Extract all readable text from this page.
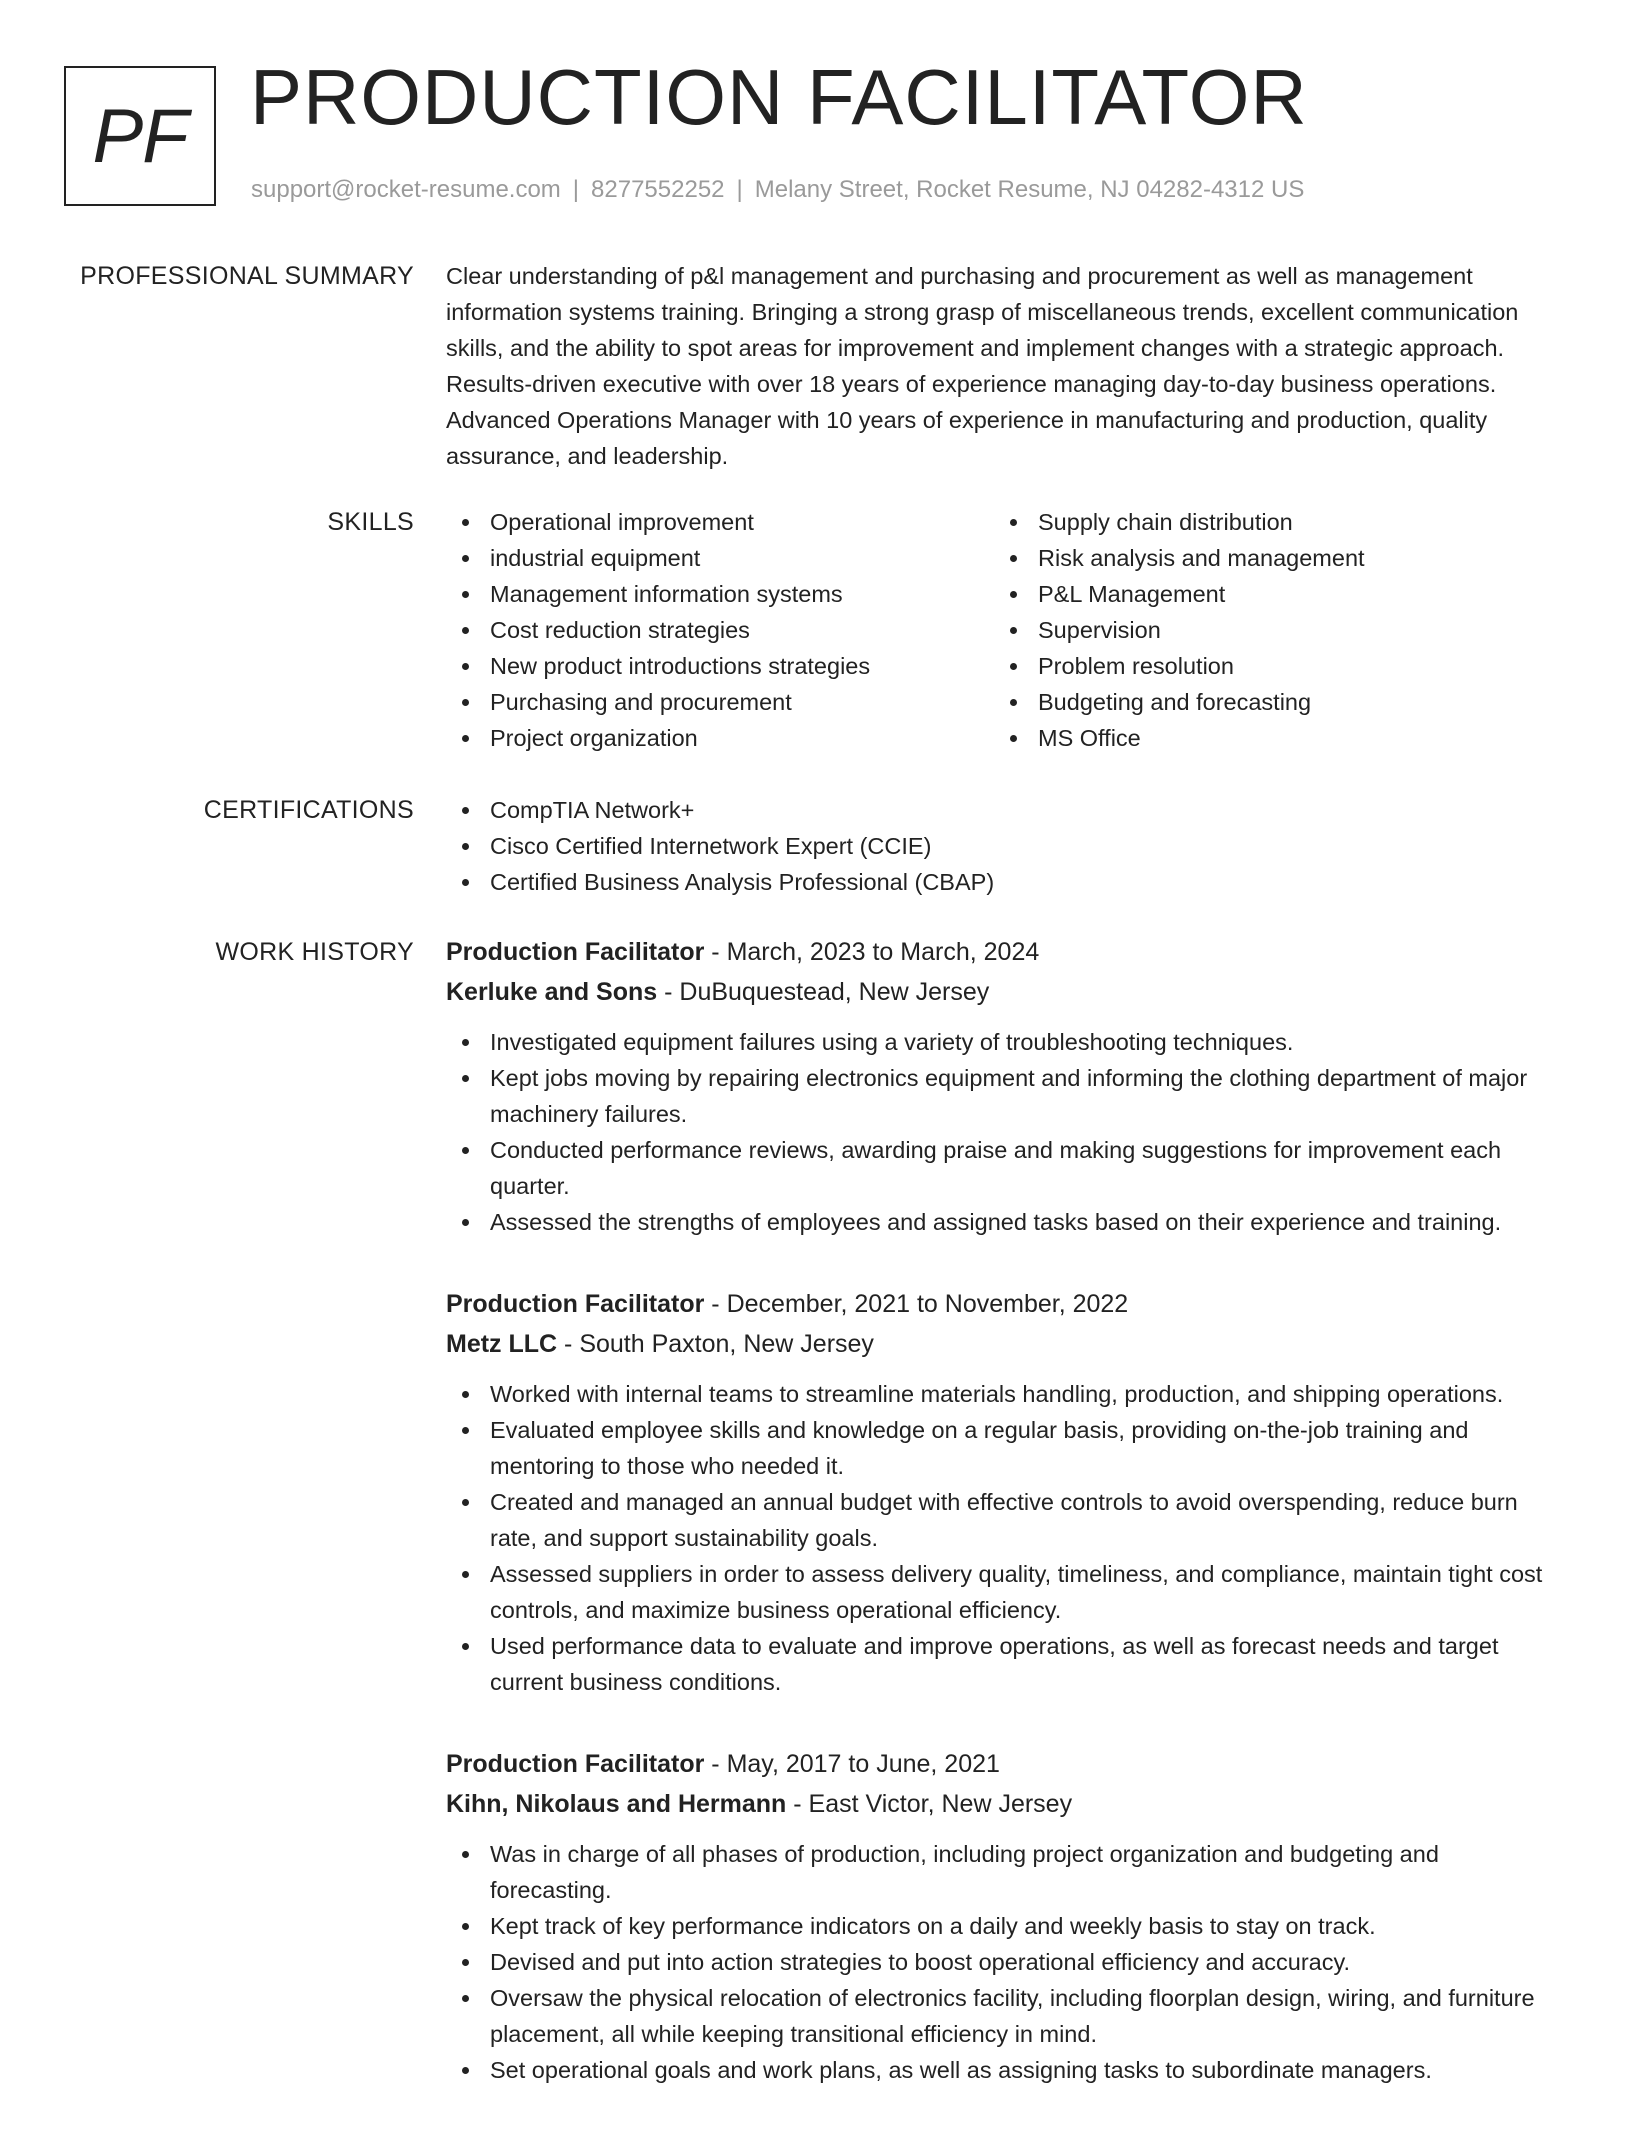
PF PRODUCTION FACILITATOR
support@rocket-resume.com | 8277552252 | Melany Street, Rocket Resume, NJ 04282-4312 US
PROFESSIONAL SUMMARY Clear understanding of p&l management and purchasing and procurement as well as management information systems training. Bringing a strong grasp of miscellaneous trends, excellent communication skills, and the ability to spot areas for improvement and implement changes with a strategic approach. Results-driven executive with over 18 years of experience managing day-to-day business operations. Advanced Operations Manager with 10 years of experience in manufacturing and production, quality assurance, and leadership.

SKILLS	Operational improvement
industrial equipment
Management information systems
Cost reduction strategies
New product introductions strategies
Purchasing and procurement
Project organization
Supply chain distribution
Risk analysis and management
P&L Management
Supervision
Problem resolution
Budgeting and forecasting
MS Office
CERTIFICATIONS	CompTIA Network+
Cisco Certified Internetwork Expert (CCIE)
Certified Business Analysis Professional (CBAP)
WORK HISTORY Production Facilitator - March, 2023 to March, 2024
Kerluke and Sons - DuBuquestead, New Jersey
Investigated equipment failures using a variety of troubleshooting techniques.
Kept jobs moving by repairing electronics equipment and informing the clothing department of major machinery failures.
Conducted performance reviews, awarding praise and making suggestions for improvement each quarter.
Assessed the strengths of employees and assigned tasks based on their experience and training.
Production Facilitator - December, 2021 to November, 2022
Metz LLC - South Paxton, New Jersey
Worked with internal teams to streamline materials handling, production, and shipping operations.
Evaluated employee skills and knowledge on a regular basis, providing on-the-job training and mentoring to those who needed it.
Created and managed an annual budget with effective controls to avoid overspending, reduce burn rate, and support sustainability goals.
Assessed suppliers in order to assess delivery quality, timeliness, and compliance, maintain tight cost controls, and maximize business operational efficiency.
Used performance data to evaluate and improve operations, as well as forecast needs and target current business conditions.
Production Facilitator - May, 2017 to June, 2021
Kihn, Nikolaus and Hermann - East Victor, New Jersey
Was in charge of all phases of production, including project organization and budgeting and forecasting.
Kept track of key performance indicators on a daily and weekly basis to stay on track.
Devised and put into action strategies to boost operational efficiency and accuracy.
Oversaw the physical relocation of electronics facility, including floorplan design, wiring, and furniture placement, all while keeping transitional efficiency in mind.
Set operational goals and work plans, as well as assigning tasks to subordinate managers.
